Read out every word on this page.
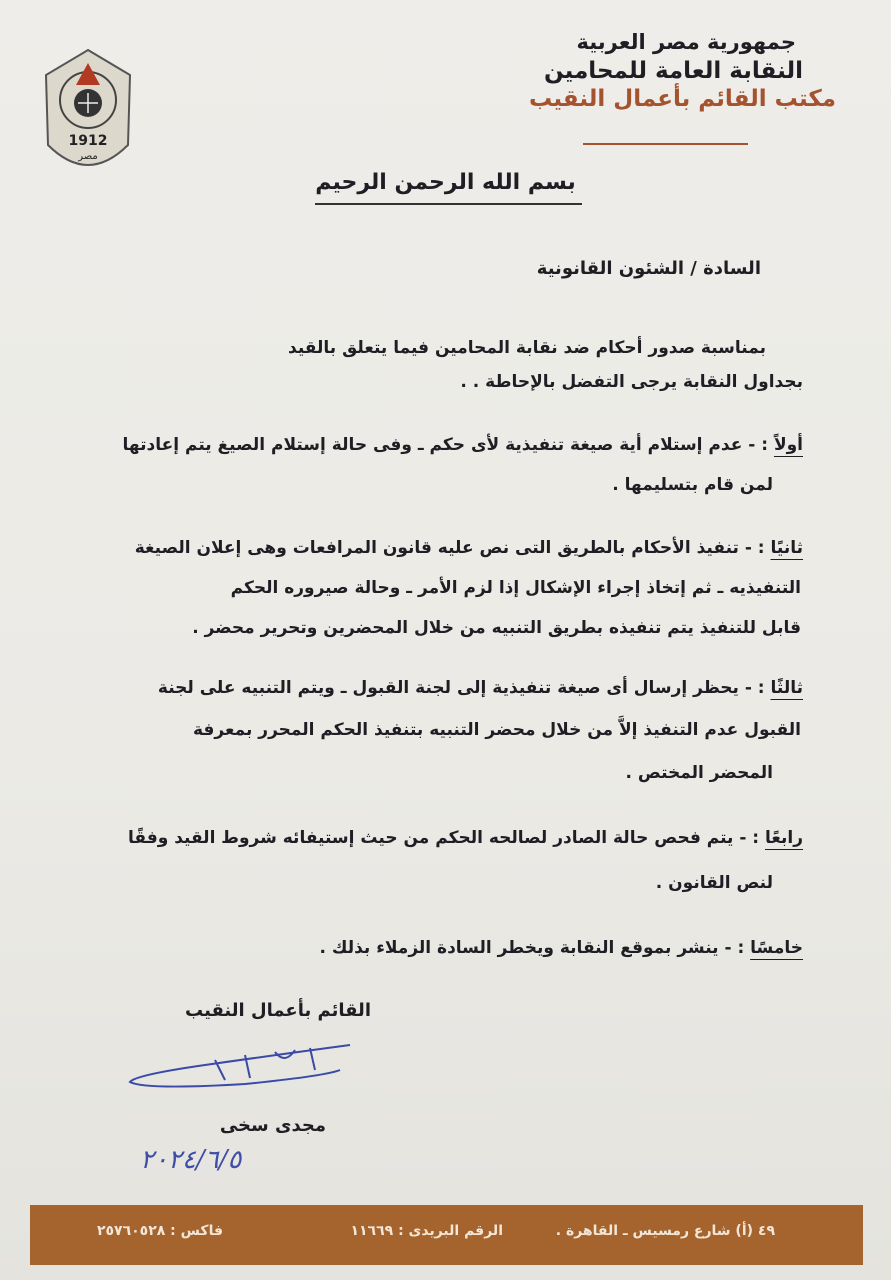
1912
مصر
جمهورية مصر العربية
النقابة العامة للمحامين
مكتب القائم بأعمال النقيب
بسم الله الرحمن الرحيم
السادة / الشئون القانونية
بمناسبة صدور أحكام ضد نقابة المحامين فيما يتعلق بالقيد
بجداول النقابة يرجى التفضل بالإحاطة . .
أولاً : - عدم إستلام أية صيغة تنفيذية لأى حكم ـ وفى حالة إستلام الصيغ يتم إعادتها
لمن قام بتسليمها .
ثانيًا : - تنفيذ الأحكام بالطريق التى نص عليه قانون المرافعات وهى إعلان الصيغة
التنفيذيه ـ ثم إتخاذ إجراء الإشكال إذا لزم الأمر ـ وحالة صيروره الحكم
قابل للتنفيذ يتم تنفيذه بطريق التنبيه من خلال المحضرين وتحرير محضر .
ثالثًا : - يحظر إرسال أى صيغة تنفيذية إلى لجنة القبول ـ ويتم التنبيه على لجنة
القبول عدم التنفيذ إلاَّ من خلال محضر التنبيه بتنفيذ الحكم المحرر بمعرفة
المحضر المختص .
رابعًا : - يتم فحص حالة الصادر لصالحه الحكم من حيث إستيفائه شروط القيد وفقًا
لنص القانون .
خامسًا : - ينشر بموقع النقابة ويخطر السادة الزملاء بذلك .
القائم بأعمال النقيب
مجدى سخى
٢٠٢٤/٦/٥
٤٩ (أ) شارع رمسيس ـ القاهرة .
الرقم البريدى : ١١٦٦٩
فاكس : ٢٥٧٦٠٥٢٨
